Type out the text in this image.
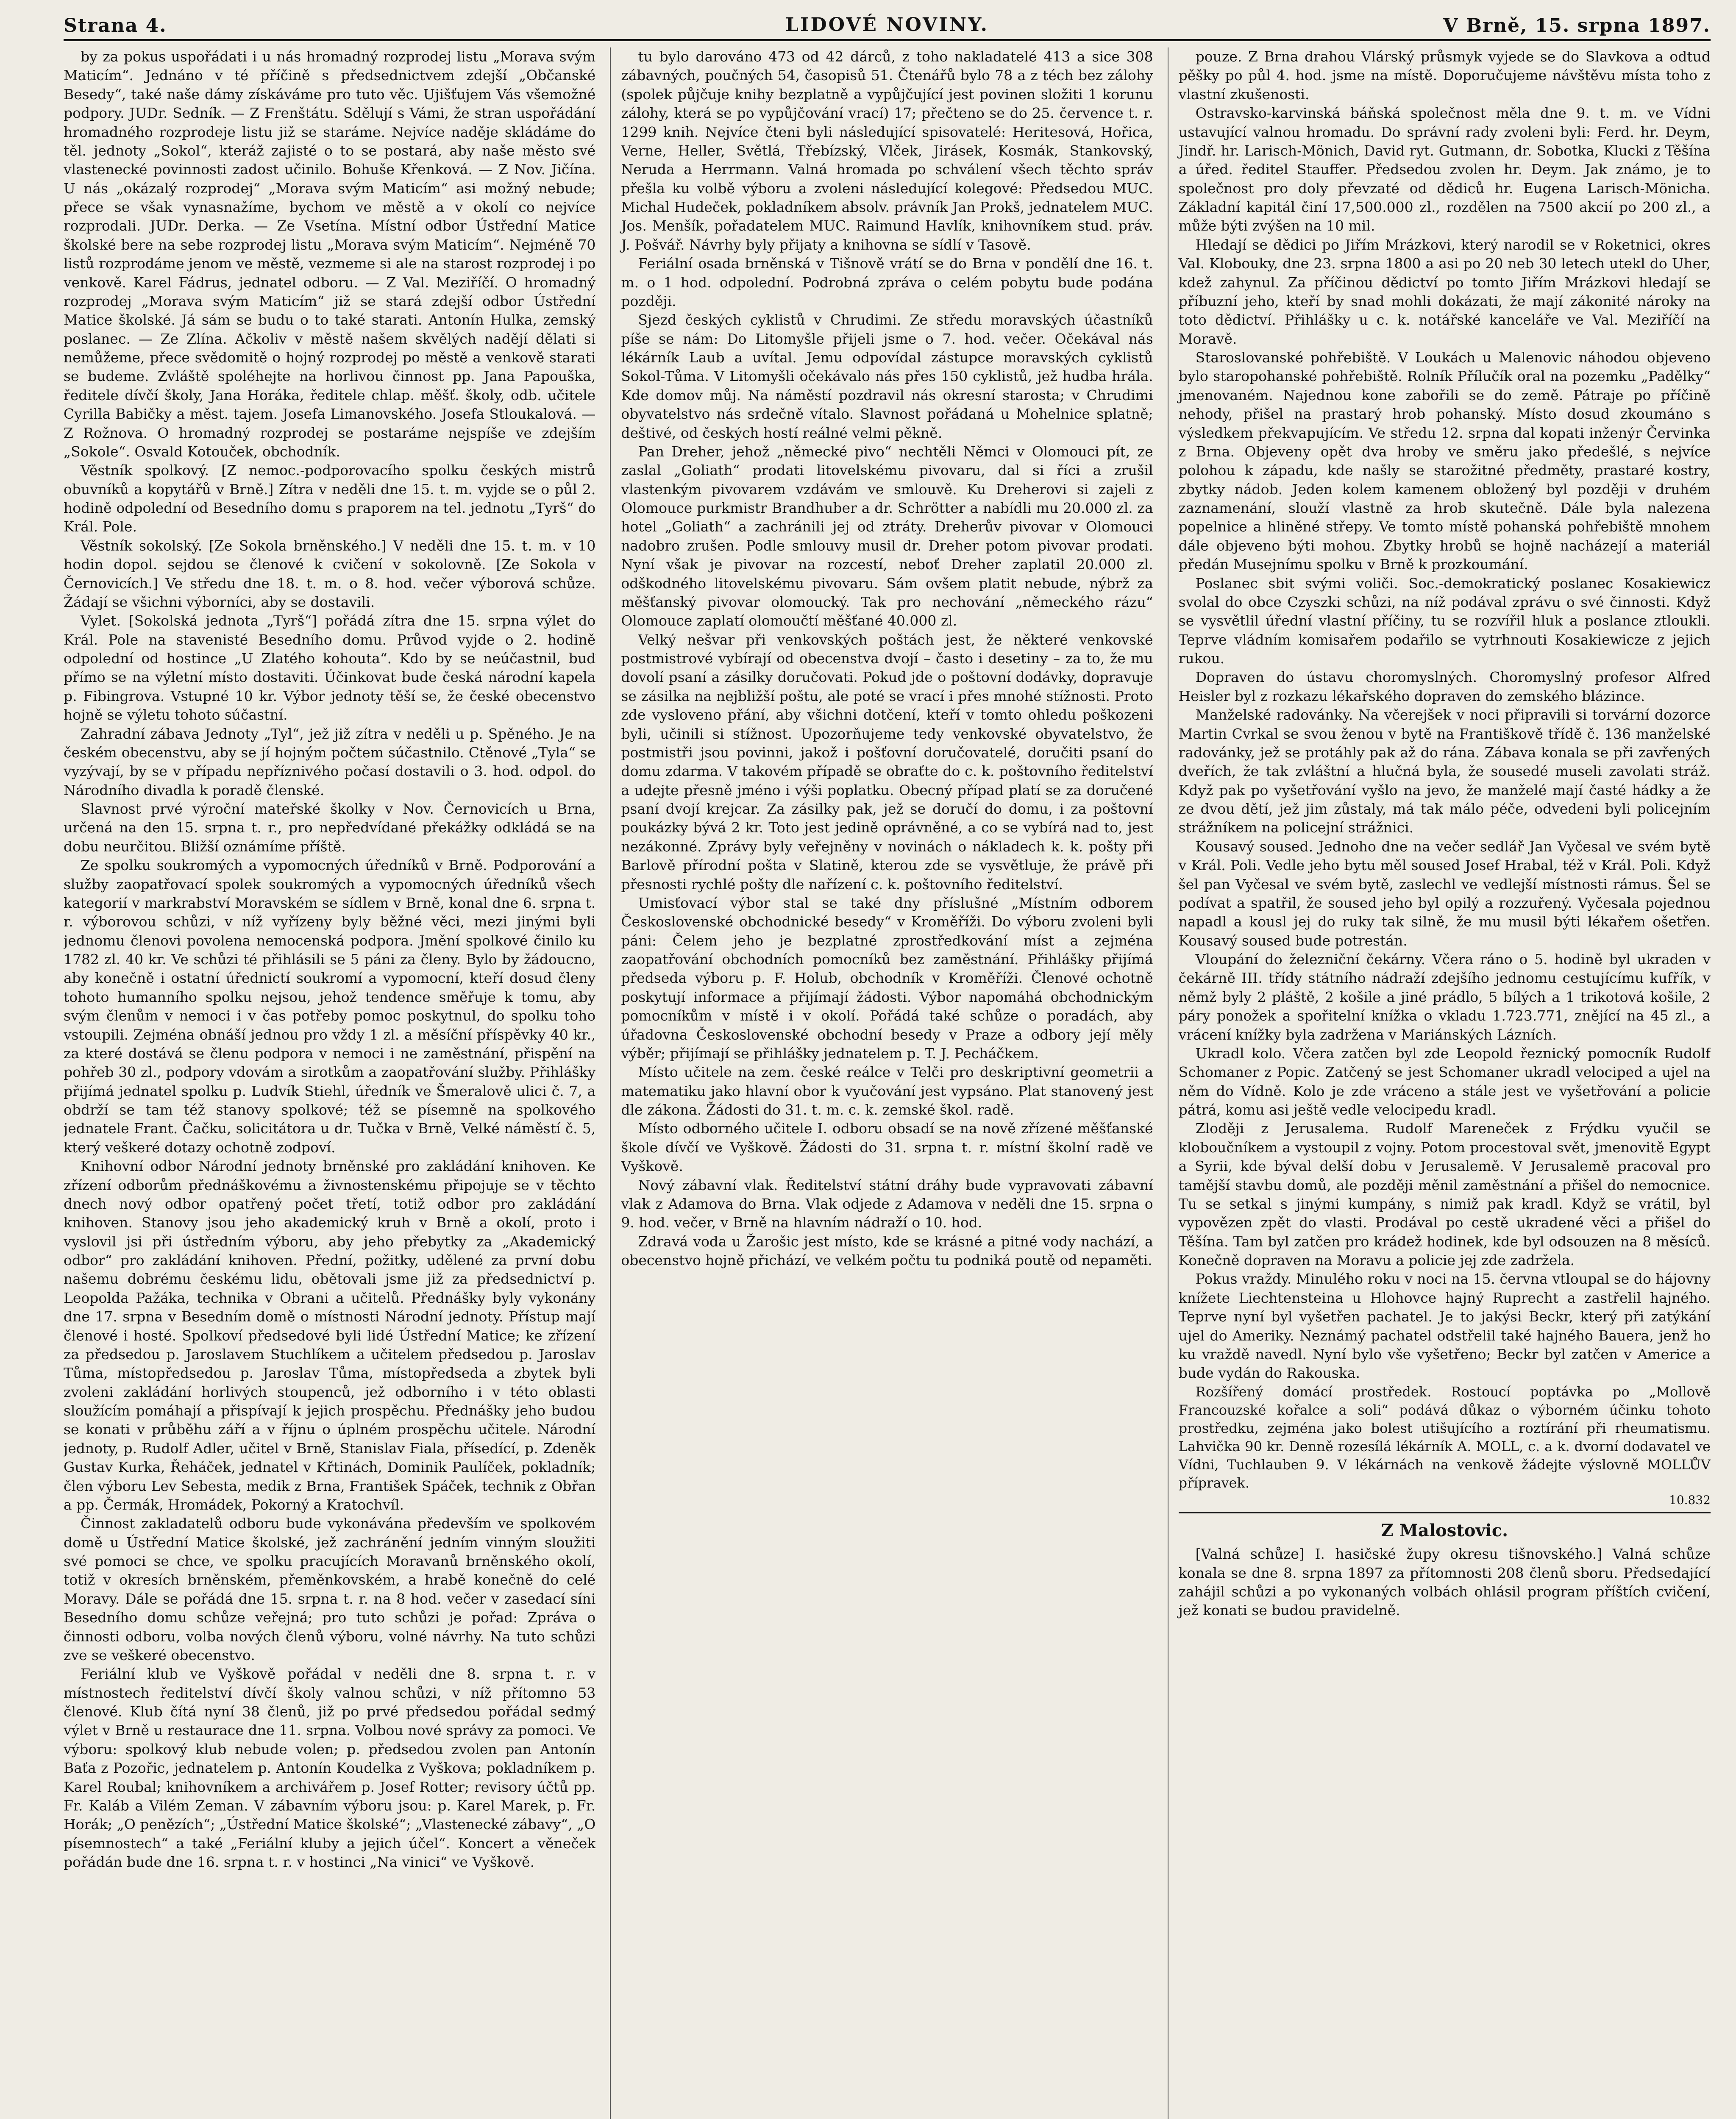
Strana 4.	LIDOVÉ NOVINY.	V Brně, 15. srpna 1897.

by za pokus uspořádati i u nás hromadný rozprodej listu „Morava svým Maticím“. Jednáno v té příčině s předsednictvem zdejší „Občanské Besedy“, také naše dámy získáváme pro tuto věc. Ujišťujem Vás všemožné podpory. JUDr. Sedník. — Z Frenštátu. Sdělují s Vámi, že stran uspořádání hromadného rozprodeje listu již se staráme. Nejvíce naděje skládáme do těl. jednoty „Sokol“, kteráž zajisté o to se postará, aby naše město své vlastenecké povinnosti zadost učinilo. Bohuše Křenková. — Z Nov. Jičína. U nás „okázalý rozprodej“ „Morava svým Maticím“ asi možný nebude; přece se však vynasnažíme, bychom ve městě a v okolí co nejvíce rozprodali. JUDr. Derka. — Ze Vsetína. Místní odbor Ústřední Matice školské bere na sebe rozprodej listu „Morava svým Maticím“. Nejméně 70 listů rozprodáme jenom ve městě, vezmeme si ale na starost rozprodej i po venkově. Karel Fádrus, jednatel odboru. — Z Val. Meziříčí. O hromadný rozprodej „Morava svým Maticím“ již se stará zdejší odbor Ústřední Matice školské. Já sám se budu o to také starati. Antonín Hulka, zemský poslanec. — Ze Zlína. Ačkoliv v městě našem skvělých nadějí dělati si nemůžeme, přece svědomitě o hojný rozprodej po městě a venkově starati se budeme. Zvláště spoléhejte na horlivou činnost pp. Jana Papouška, ředitele dívčí školy, Jana Horáka, ředitele chlap. měšť. školy, odb. učitele Cyrilla Babičky a měst. tajem. Josefa Limanovského. Josefa Stloukalová. — Z Rožnova. O hromadný rozprodej se postaráme nejspíše ve zdejším „Sokole“. Osvald Kotouček, obchodník.

Věstník spolkový. [Z nemoc.-podporovacího spolku českých mistrů obuvníků a kopytářů v Brně.] Zítra v neděli dne 15. t. m. vyjde se o půl 2. hodině odpolední od Besedního domu s praporem na tel. jednotu „Tyrš“ do Král. Pole.

Věstník sokolský. [Ze Sokola brněnského.] V neděli dne 15. t. m. v 10 hodin dopol. sejdou se členové k cvičení v sokolovně. [Ze Sokola v Černovicích.] Ve středu dne 18. t. m. o 8. hod. večer výborová schůze. Žádají se všichni výborníci, aby se dostavili.

Vylet. [Sokolská jednota „Tyrš“] pořádá zítra dne 15. srpna výlet do Král. Pole na stavenisté Besedního domu. Průvod vyjde o 2. hodině odpolední od hostince „U Zlatého kohouta“. Kdo by se neúčastnil, buď přímo se na výletní místo dostaviti. Účinkovat bude česká národní kapela p. Fibingrova. Vstupné 10 kr. Výbor jednoty těší se, že české obecenstvo hojně se výletu tohoto súčastní.

Zahradní zábava Jednoty „Tyl“, jež již zítra v neděli u p. Spěného. Je na českém obecenstvu, aby se jí hojným počtem súčastnilo. Ctěnové „Tyla“ se vyzývají, by se v případu nepříznivého počasí dostavili o 3. hod. odpol. do Národního divadla k poradě členské.

Slavnost prvé výroční mateřské školky v Nov. Černovicích u Brna, určená na den 15. srpna t. r., pro nepředvídané překážky odkládá se na dobu neurčitou. Bližší oznámíme příště.

Ze spolku soukromých a vypomocných úředníků v Brně. Podporování a služby zaopatřovací spolek soukromých a vypomocných úředníků všech kategorií v markrabství Moravském se sídlem v Brně, konal dne 6. srpna t. r. výborovou schůzi, v níž vyřízeny byly běžné věci, mezi jinými byli jednomu členovi povolena nemocenská podpora. Jmění spolkové činilo ku 1782 zl. 40 kr. Ve schůzi té přihlásili se 5 páni za členy. Bylo by žádoucno, aby konečně i ostatní úřednictí soukromí a vypomocní, kteří dosud členy tohoto humanního spolku nejsou, jehož tendence směřuje k tomu, aby svým členům v nemoci i v čas potřeby pomoc poskytnul, do spolku toho vstoupili. Zejména obnáší jednou pro vždy 1 zl. a měsíční příspěvky 40 kr., za které dostává se členu podpora v nemoci i ne zaměstnání, přispění na pohřeb 30 zl., podpory vdovám a sirotkům a zaopatřování služby. Přihlášky přijímá jednatel spolku p. Ludvík Stiehl, úředník ve Šmeralově ulici č. 7, a obdrží se tam též stanovy spolkové; též se písemně na spolkového jednatele Frant. Čačku, solicitátora u dr. Tučka v Brně, Velké náměstí č. 5, který veškeré dotazy ochotně zodpoví.

Knihovní odbor Národní jednoty brněnské pro zakládání knihoven. Ke zřízení odborům přednáškovému a živnostenskému připojuje se v těchto dnech nový odbor opatřený počet třetí, totiž odbor pro zakládání knihoven. Stanovy jsou jeho akademický kruh v Brně a okolí, proto i vyslovil jsi při ústředním výboru, aby jeho přebytky za „Akademický odbor“ pro zakládání knihoven. Přední, požitky, udělené za první dobu našemu dobrému českému lidu, obětovali jsme již za předsednictví p. Leopolda Pažáka, technika v Obrani a učitelů. Přednášky byly vykonány dne 17. srpna v Besedním domě o místnosti Národní jednoty. Přístup mají členové i hosté. Spolkoví předsedové byli lidé Ústřední Matice; ke zřízení za předsedou p. Jaroslavem Stuchlíkem a učitelem předsedou p. Jaroslav Tůma, místopředsedou p. Jaroslav Tůma, místopředseda a zbytek byli zvoleni zakládání horlivých stoupenců, jež odborního i v této oblasti sloužícím pomáhají a přispívají k jejich prospěchu. Přednášky jeho budou se konati v průběhu září a v říjnu o úplném prospěchu učitele. Národní jednoty, p. Rudolf Adler, učitel v Brně, Stanislav Fiala, přísedící, p. Zdeněk Gustav Kurka, Řeháček, jednatel v Křtinách, Dominik Paulíček, pokladník; člen výboru Lev Sebesta, medik z Brna, František Spáček, technik z Obřan a pp. Čermák, Hromádek, Pokorný a Kratochvíl.

Činnost zakladatelů odboru bude vykonávána především ve spolkovém domě u Ústřední Matice školské, jež zachránění jedním vinným sloužiti své pomoci se chce, ve spolku pracujících Moravanů brněnského okolí, totiž v okresích brněnském, přeměnkovském, a hrabě konečně do celé Moravy. Dále se pořádá dne 15. srpna t. r. na 8 hod. večer v zasedací síni Besedního domu schůze veřejná; pro tuto schůzi je pořad: Zpráva o činnosti odboru, volba nových členů výboru, volné návrhy. Na tuto schůzi zve se veškeré obecenstvo.

Feriální klub ve Vyškově pořádal v neděli dne 8. srpna t. r. v místnostech ředitelství dívčí školy valnou schůzi, v níž přítomno 53 členové. Klub čítá nyní 38 členů, již po prvé předsedou pořádal sedmý výlet v Brně u restaurace dne 11. srpna. Volbou nové správy za pomoci. Ve výboru: spolkový klub nebude volen; p. předsedou zvolen pan Antonín Baťa z Pozořic, jednatelem p. Antonín Koudelka z Vyškova; pokladníkem p. Karel Roubal; knihovníkem a archivářem p. Josef Rotter; revisory účtů pp. Fr. Kaláb a Vilém Zeman. V zábavním výboru jsou: p. Karel Marek, p. Fr. Horák; „O penězích“; „Ústřední Matice školské“; „Vlastenecké zábavy“, „O písemnostech“ a také „Feriální kluby a jejich účel“. Koncert a věneček pořádán bude dne 16. srpna t. r. v hostinci „Na vinici“ ve Vyškově.

tu bylo darováno 473 od 42 dárců, z toho nakladatelé 413 a sice 308 zábavných, poučných 54, časopisů 51. Čtenářů bylo 78 a z téch bez zálohy (spolek půjčuje knihy bezplatně a vypůjčující jest povinen složiti 1 korunu zálohy, která se po vypůjčování vrací) 17; přečteno se do 25. července t. r. 1299 knih. Nejvíce čteni byli následující spisovatelé: Heritesová, Hořica, Verne, Heller, Světlá, Třebízský, Vlček, Jirásek, Kosmák, Stankovský, Neruda a Herrmann. Valná hromada po schválení všech těchto správ přešla ku volbě výboru a zvoleni následující kolegové: Předsedou MUC. Michal Hudeček, pokladníkem absolv. právník Jan Prokš, jednatelem MUC. Jos. Menšík, pořadatelem MUC. Raimund Havlík, knihovníkem stud. práv. J. Pošvář. Návrhy byly přijaty a knihovna se sídlí v Tasově.

Feriální osada brněnská v Tišnově vrátí se do Brna v pondělí dne 16. t. m. o 1 hod. odpolední. Podrobná zpráva o celém pobytu bude podána později.

Sjezd českých cyklistů v Chrudimi. Ze středu moravských účastníků píše se nám: Do Litomyšle přijeli jsme o 7. hod. večer. Očekával nás lékárník Laub a uvítal. Jemu odpovídal zástupce moravských cyklistů Sokol-Tůma. V Litomyšli očekávalo nás přes 150 cyklistů, jež hudba hrála. Kde domov můj. Na náměstí pozdravil nás okresní starosta; v Chrudimi obyvatelstvo nás srdečně vítalo. Slavnost pořádaná u Mohelnice splatně; deštivé, od českých hostí reálné velmi pěkně.

Pan Dreher, jehož „německé pivo“ nechtěli Němci v Olomouci pít, ze zaslal „Goliath“ prodati litovelskému pivovaru, dal si říci a zrušil vlastenkým pivovarem vzdávám ve smlouvě. Ku Dreherovi si zajeli z Olomouce purkmistr Brandhuber a dr. Schrötter a nabídli mu 20.000 zl. za hotel „Goliath“ a zachránili jej od ztráty. Dreherův pivovar v Olomouci nadobro zrušen. Podle smlouvy musil dr. Dreher potom pivovar prodati. Nyní však je pivovar na rozcestí, neboť Dreher zaplatil 20.000 zl. odškodného litovelskému pivovaru. Sám ovšem platit nebude, nýbrž za měšťanský pivovar olomoucký. Tak pro nechování „německého rázu“ Olomouce zaplatí olomoučtí měšťané 40.000 zl.

Velký nešvar při venkovských poštách jest, že některé venkovské postmistrové vybírají od obecenstva dvojí – často i desetiny – za to, že mu dovolí psaní a zásilky doručovati. Pokud jde o poštovní dodávky, dopravuje se zásilka na nejbližší poštu, ale poté se vrací i přes mnohé stížnosti. Proto zde vysloveno přání, aby všichni dotčení, kteří v tomto ohledu poškozeni byli, učinili si stížnost. Upozorňujeme tedy venkovské obyvatelstvo, že postmistři jsou povinni, jakož i pošťovní doručovatelé, doručiti psaní do domu zdarma. V takovém případě se obraťte do c. k. poštovního ředitelství a udejte přesně jméno i výši poplatku. Obecný případ platí se za doručené psaní dvojí krejcar. Za zásilky pak, jež se doručí do domu, i za poštovní poukázky bývá 2 kr. Toto jest jedině oprávněné, a co se vybírá nad to, jest nezákonné. Zprávy byly veřejněny v novinách o nákladech k. k. pošty při Barlově přírodní pošta v Slatině, kterou zde se vysvětluje, že právě při přesnosti rychlé pošty dle nařízení c. k. poštovního ředitelství.

Umisťovací výbor stal se také dny příslušné „Místním odborem Československé obchodnické besedy“ v Kroměříži. Do výboru zvoleni byli páni: Čelem jeho je bezplatné zprostředkování míst a zejména zaopatřování obchodních pomocníků bez zaměstnání. Přihlášky přijímá předseda výboru p. F. Holub, obchodník v Kroměříži. Členové ochotně poskytují informace a přijímají žádosti. Výbor napomáhá obchodnickým pomocníkům v místě i v okolí. Pořádá také schůze o poradách, aby úřadovna Československé obchodní besedy v Praze a odbory její měly výběr; přijímají se přihlášky jednatelem p. T. J. Pecháčkem.

Místo učitele na zem. české reálce v Telči pro deskriptivní geometrii a matematiku jako hlavní obor k vyučování jest vypsáno. Plat stanovený jest dle zákona. Žádosti do 31. t. m. c. k. zemské škol. radě.

Místo odborného učitele I. odboru obsadí se na nově zřízené měšťanské škole dívčí ve Vyškově. Žádosti do 31. srpna t. r. místní školní radě ve Vyškově.

Nový zábavní vlak. Ředitelství státní dráhy bude vypravovati zábavní vlak z Adamova do Brna. Vlak odjede z Adamova v neděli dne 15. srpna o 9. hod. večer, v Brně na hlavním nádraží o 10. hod.

Zdravá voda u Žarošic jest místo, kde se krásné a pitné vody nachází, a obecenstvo hojně přichází, ve velkém počtu tu podniká poutě od nepaměti.

pouze. Z Brna drahou Vlárský průsmyk vyjede se do Slavkova a odtud pěšky po půl 4. hod. jsme na místě. Doporučujeme návštěvu místa toho z vlastní zkušenosti.

Ostravsko-karvinská báňská společnost měla dne 9. t. m. ve Vídni ustavující valnou hromadu. Do správní rady zvoleni byli: Ferd. hr. Deym, Jindř. hr. Larisch-Mönich, David ryt. Gutmann, dr. Sobotka, Klucki z Těšína a úřed. ředitel Stauffer. Předsedou zvolen hr. Deym. Jak známo, je to společnost pro doly převzaté od dědiců hr. Eugena Larisch-Mönicha. Základní kapitál činí 17,500.000 zl., rozdělen na 7500 akcií po 200 zl., a může býti zvýšen na 10 mil.

Hledají se dědici po Jiřím Mrázkovi, který narodil se v Roketnici, okres Val. Klobouky, dne 23. srpna 1800 a asi po 20 neb 30 letech utekl do Uher, kdež zahynul. Za příčinou dědictví po tomto Jiřím Mrázkovi hledají se příbuzní jeho, kteří by snad mohli dokázati, že mají zákonité nároky na toto dědictví. Přihlášky u c. k. notářské kanceláře ve Val. Meziříčí na Moravě.

Staroslovanské pohřebiště. V Loukách u Malenovic náhodou objeveno bylo staropohanské pohřebiště. Rolník Přílučík oral na pozemku „Padělky“ jmenovaném. Najednou kone zabořili se do země. Pátraje po příčině nehody, přišel na prastarý hrob pohanský. Místo dosud zkoumáno s výsledkem překvapujícím. Ve středu 12. srpna dal kopati inženýr Červinka z Brna. Objeveny opět dva hroby ve směru jako předešlé, s nejvíce polohou k západu, kde našly se starožitné předměty, prastaré kostry, zbytky nádob. Jeden kolem kamenem obložený byl později v druhém zaznamenání, slouží vlastně za hrob skutečně. Dále byla nalezena popelnice a hliněné střepy. Ve tomto místě pohanská pohřebiště mnohem dále objeveno býti mohou. Zbytky hrobů se hojně nacházejí a materiál předán Musejnímu spolku v Brně k prozkoumání.

Poslanec sbit svými voliči. Soc.-demokratický poslanec Kosakiewicz svolal do obce Czyszki schůzi, na níž podával zprávu o své činnosti. Když se vysvětlil úřední vlastní příčiny, tu se rozvířil hluk a poslance ztloukli. Teprve vládním komisařem podařilo se vytrhnouti Kosakiewicze z jejich rukou.

Dopraven do ústavu choromyslných. Choromyslný profesor Alfred Heisler byl z rozkazu lékařského dopraven do zemského blázince.

Manželské radovánky. Na včerejšek v noci připravili si torvární dozorce Martin Cvrkal se svou ženou v bytě na Františkově třídě č. 136 manželské radovánky, jež se protáhly pak až do rána. Zábava konala se při zavřených dveřích, že tak zvláštní a hlučná byla, že sousedé museli zavolati stráž. Když pak po vyšetřování vyšlo na jevo, že manželé mají časté hádky a že ze dvou dětí, jež jim zůstaly, má tak málo péče, odvedeni byli policejním strážníkem na policejní strážnici.

Kousavý soused. Jednoho dne na večer sedlář Jan Vyčesal ve svém bytě v Král. Poli. Vedle jeho bytu měl soused Josef Hrabal, též v Král. Poli. Když šel pan Vyčesal ve svém bytě, zaslechl ve vedlejší místnosti rámus. Šel se podívat a spatřil, že soused jeho byl opilý a rozzuřený. Vyčesala pojednou napadl a kousl jej do ruky tak silně, že mu musil býti lékařem ošetřen. Kousavý soused bude potrestán.

Vloupání do železniční čekárny. Včera ráno o 5. hodině byl ukraden v čekárně III. třídy státního nádraží zdejšího jednomu cestujícímu kufřík, v němž byly 2 pláště, 2 košile a jiné prádlo, 5 bílých a 1 trikotová košile, 2 páry ponožek a spořitelní knížka o vkladu 1.723.771, znějící na 45 zl., a vrácení knížky byla zadržena v Mariánských Lázních.

Ukradl kolo. Včera zatčen byl zde Leopold řeznický pomocník Rudolf Schomaner z Popic. Zatčený se jest Schomaner ukradl velociped a ujel na něm do Vídně. Kolo je zde vráceno a stále jest ve vyšetřování a policie pátrá, komu asi ještě vedle velocipedu kradl.

Zloději z Jerusalema. Rudolf Mareneček z Frýdku vyučil se kloboučníkem a vystoupil z vojny. Potom procestoval svět, jmenovitě Egypt a Syrii, kde býval delší dobu v Jerusalemě. V Jerusalemě pracoval pro tamější stavbu domů, ale později měnil zaměstnání a přišel do nemocnice. Tu se setkal s jinými kumpány, s nimiž pak kradl. Když se vrátil, byl vypovězen zpět do vlasti. Prodával po cestě ukradené věci a přišel do Těšína. Tam byl zatčen pro krádež hodinek, kde byl odsouzen na 8 měsíců. Konečně dopraven na Moravu a policie jej zde zadržela.

Pokus vraždy. Minulého roku v noci na 15. června vtloupal se do hájovny knížete Liechtensteina u Hlohovce hajný Ruprecht a zastřelil hajného. Teprve nyní byl vyšetřen pachatel. Je to jakýsi Beckr, který při zatýkání ujel do Ameriky. Neznámý pachatel odstřelil také hajného Bauera, jenž ho ku vraždě navedl. Nyní bylo vše vyšetřeno; Beckr byl zatčen v Americe a bude vydán do Rakouska.

Rozšířený domácí prostředek. Rostoucí poptávka po „Mollově Francouzské kořalce a soli“ podává důkaz o výborném účinku tohoto prostředku, zejména jako bolest utišujícího a roztírání při rheumatismu. Lahvička 90 kr. Denně rozesílá lékárník A. MOLL, c. a k. dvorní dodavatel ve Vídni, Tuchlauben 9. V lékárnách na venkově žádejte výslovně MOLLŮV přípravek.

10.832
Z Malostovic.

[Valná schůze] I. hasičské župy okresu tišnovského.] Valná schůze konala se dne 8. srpna 1897 za přítomnosti 208 členů sboru. Předsedající zahájil schůzi a po vykonaných volbách ohlásil program příštích cvičení, jež konati se budou pravidelně.
